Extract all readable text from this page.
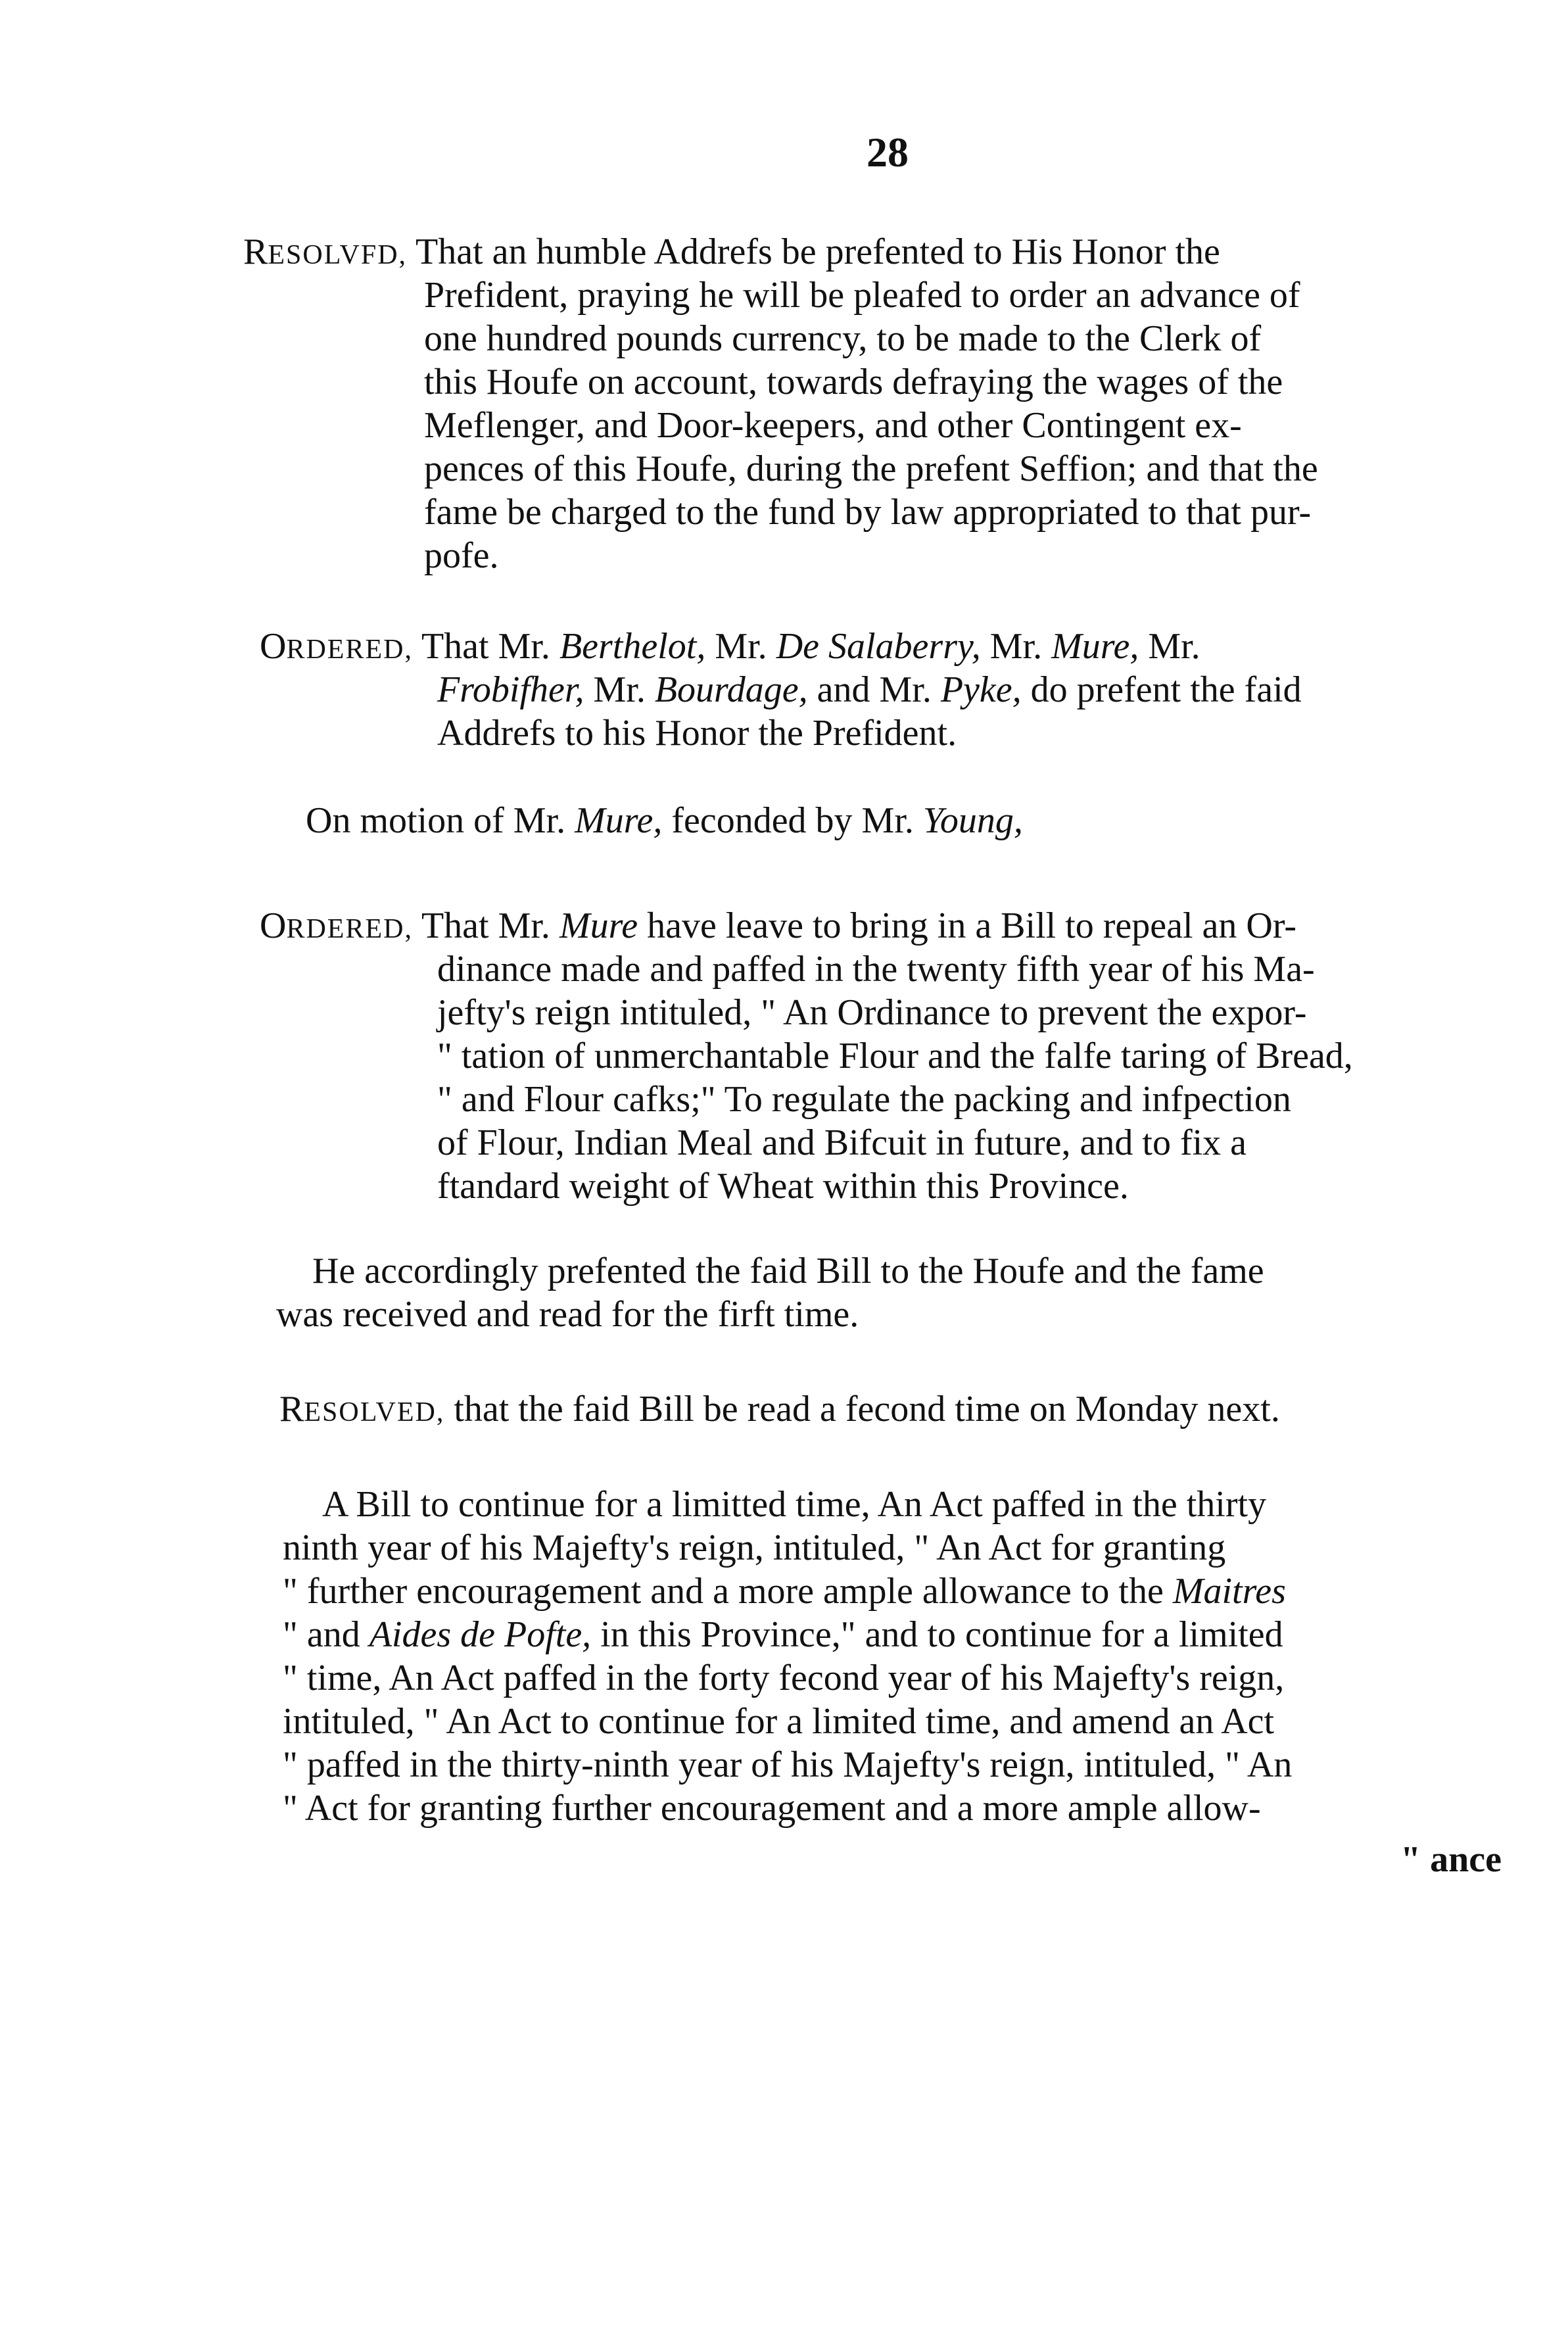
28
RESOLVFD, That an humble Addrefs be prefented to His Honor the
Prefident, praying he will be pleafed to order an advance of
one hundred pounds currency, to be made to the Clerk of
this Houfe on account, towards defraying the wages of the
Meflenger, and Door-keepers, and other Contingent ex-
pences of this Houfe, during the prefent Seffion; and that the
fame be charged to the fund by law appropriated to that pur-
pofe.
ORDERED, That Mr. Berthelot, Mr. De Salaberry, Mr. Mure, Mr.
Frobifher, Mr. Bourdage, and Mr. Pyke, do prefent the faid
Addrefs to his Honor the Prefident.
On motion of Mr. Mure, feconded by Mr. Young,
ORDERED, That Mr. Mure have leave to bring in a Bill to repeal an Or-
dinance made and paffed in the twenty fifth year of his Ma-
jefty's reign intituled, " An Ordinance to prevent the expor-
" tation of unmerchantable Flour and the falfe taring of Bread,
" and Flour cafks;" To regulate the packing and infpection
of Flour, Indian Meal and Bifcuit in future, and to fix a
ftandard weight of Wheat within this Province.
He accordingly prefented the faid Bill to the Houfe and the fame
was received and read for the firft time.
RESOLVED, that the faid Bill be read a fecond time on Monday next.
A Bill to continue for a limitted time, An Act paffed in the thirty
ninth year of his Majefty's reign, intituled, " An Act for granting
" further encouragement and a more ample allowance to the Maitres
" and Aides de Pofte, in this Province," and to continue for a limited
" time, An Act paffed in the forty fecond year of his Majefty's reign,
intituled, " An Act to continue for a limited time, and amend an Act
" paffed in the thirty-ninth year of his Majefty's reign, intituled, " An
" Act for granting further encouragement and a more ample allow-
" ance
